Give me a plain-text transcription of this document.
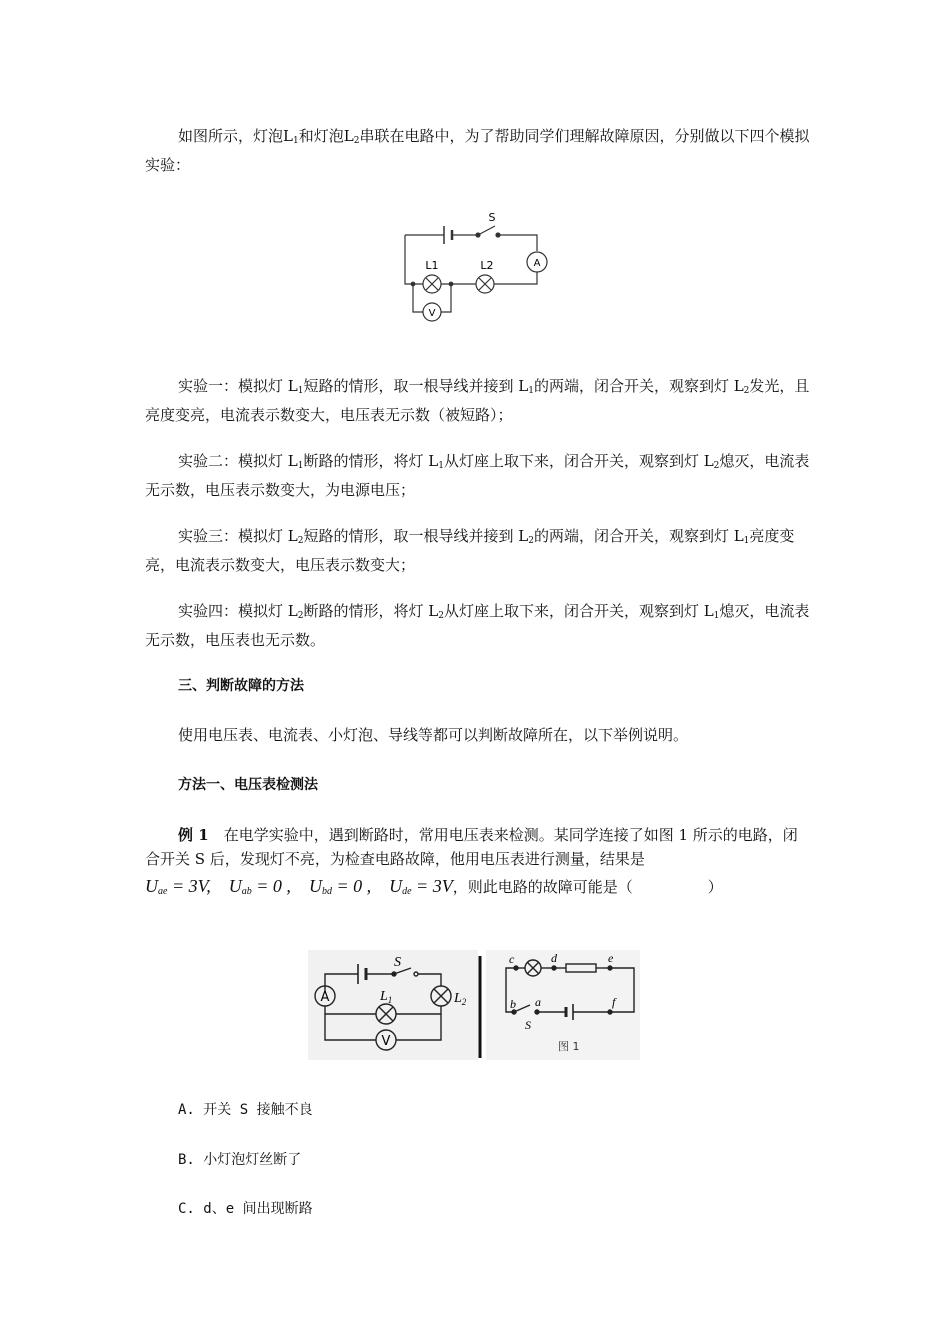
如图所示，灯泡$L_1$和灯泡$L_2$串联在电路中，为了帮助同学们理解故障原因，分别做以下四个模拟实验：

S
L1	L2	A
V

实验一：模拟灯 $L_1$短路的情形，取一根导线并接到 $L_1$的两端，闭合开关，观察到灯 $L_2$发光，且亮度变亮，电流表示数变大，电压表无示数（被短路）；

实验二：模拟灯 $L_1$断路的情形，将灯 $L_1$从灯座上取下来，闭合开关，观察到灯 $L_2$熄灭，电流表无示数，电压表示数变大，为电源电压；

实验三：模拟灯 $L_2$短路的情形，取一根导线并接到 $L_2$的两端，闭合开关，观察到灯 $L_1$亮度变亮，电流表示数变大，电压表示数变大；

实验四：模拟灯 $L_2$断路的情形，将灯 $L_2$从灯座上取下来，闭合开关，观察到灯 $L_1$熄灭，电流表无示数，电压表也无示数。

三、判断故障的方法

使用电压表、电流表、小灯泡、导线等都可以判断故障所在，以下举例说明。

方法一、电压表检测法

例 1　 在电学实验中，遇到断路时，常用电压表来检测。某同学连接了如图 1 所示的电路，闭合开关 S 后，发现灯不亮，为检查电路故障，他用电压表进行测量，结果是

$U_{ae} = 3V$,　 $U_{ab} = 0$ ,　 $U_{bd} = 0$ ,　 $U_{de} = 3V$，则此电路的故障可能是（　　　　　）

S
$L_1$	$L_2$
A
V
c	d	e
b
S
a	f
图 1
A. 开关 S 接触不良
B. 小灯泡灯丝断了
C. d、e 间出现断路
